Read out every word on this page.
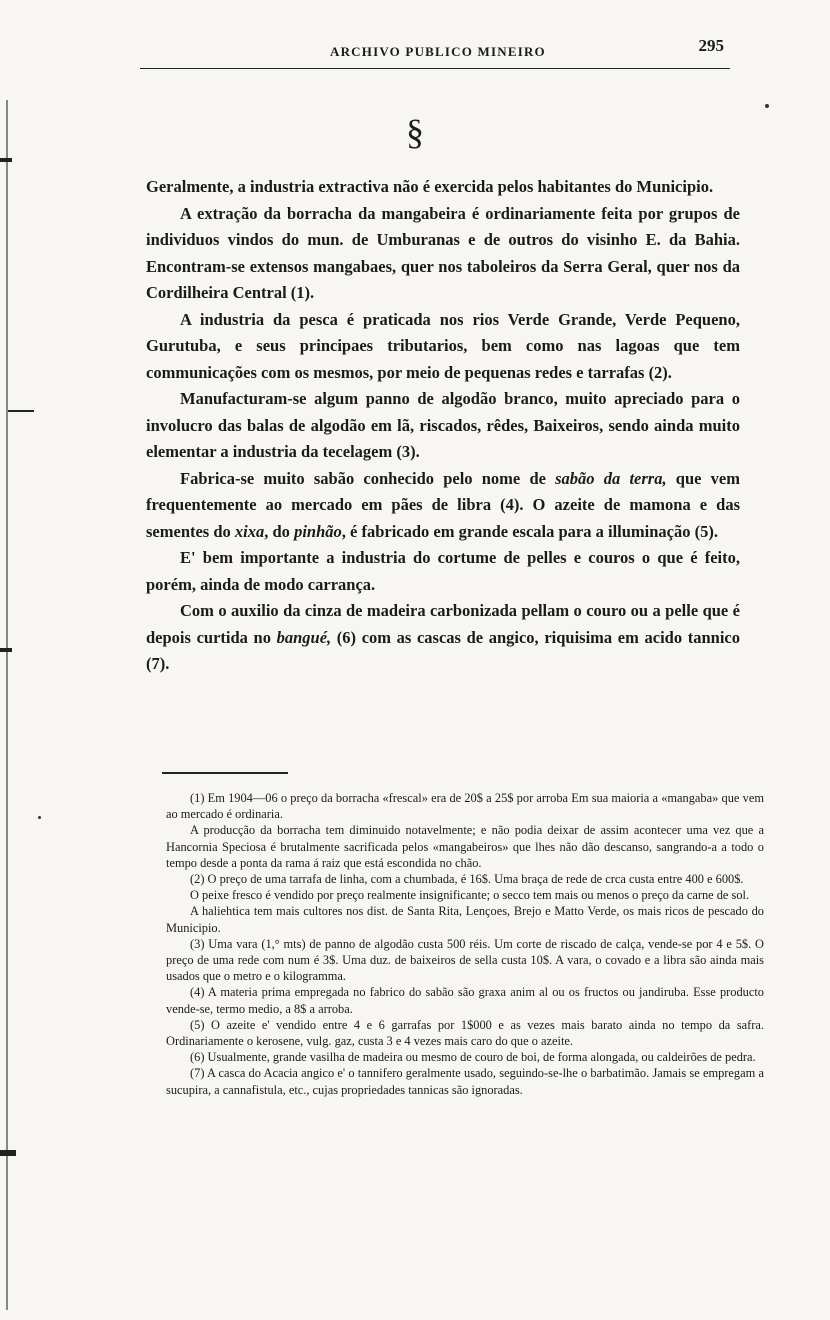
ARCHIVO PUBLICO MINEIRO	295
§

Geralmente, a industria extractiva não é exercida pelos habitantes do Municipio.

A extração da borracha da mangabeira é ordinariamente feita por grupos de individuos vindos do mun. de Umburanas e de outros do visinho E. da Bahia. Encontram-se extensos mangabaes, quer nos taboleiros da Serra Geral, quer nos da Cordilheira Central (1).

A industria da pesca é praticada nos rios Verde Grande, Verde Pequeno, Gurutuba, e seus principaes tributarios, bem como nas lagoas que tem communicações com os mesmos, por meio de pequenas redes e tarrafas (2).

Manufacturam-se algum panno de algodão branco, muito apreciado para o involucro das balas de algodão em lã, riscados, rêdes, Baixeiros, sendo ainda muito elementar a industria da tecelagem (3).

Fabrica-se muito sabão conhecido pelo nome de sabão da terra, que vem frequentemente ao mercado em pães de libra (4). O azeite de mamona e das sementes do xixa, do pinhão, é fabricado em grande escala para a illuminação (5).

E' bem importante a industria do cortume de pelles e couros o que é feito, porém, ainda de modo carrança.

Com o auxilio da cinza de madeira carbonizada pellam o couro ou a pelle que é depois curtida no bangué, (6) com as cascas de angico, riquisima em acido tannico (7).

(1) Em 1904—06 o preço da borracha «frescal» era de 20$ a 25$ por arroba Em sua maioria a «mangaba» que vem ao mercado é ordinaria.

A producção da borracha tem diminuido notavelmente; e não podia deixar de assim acontecer uma vez que a Hancornia Speciosa é brutalmente sacrificada pelos «mangabeiros» que lhes não dão descanso, sangrando-a a todo o tempo desde a ponta da rama á raiz que está escondida no chão.

(2) O preço de uma tarrafa de linha, com a chumbada, é 16$. Uma braça de rede de crca custa entre 400 e 600$.

O peixe fresco é vendido por preço realmente insignificante; o secco tem mais ou menos o preço da carne de sol.

A haliehtica tem mais cultores nos dist. de Santa Rita, Lençoes, Brejo e Matto Verde, os mais ricos de pescado do Municipio.

(3) Uma vara (1,° mts) de panno de algodão custa 500 réis. Um corte de riscado de calça, vende-se por 4 e 5$. O preço de uma rede com num é 3$. Uma duz. de baixeiros de sella custa 10$. A vara, o covado e a libra são ainda mais usados que o metro e o kilogramma.

(4) A materia prima empregada no fabrico do sabão são graxa anim al ou os fructos ou jandiruba. Esse producto vende-se, termo medio, a 8$ a arroba.

(5) O azeite e' vendido entre 4 e 6 garrafas por 1$000 e as vezes mais barato ainda no tempo da safra. Ordinariamente o kerosene, vulg. gaz, custa 3 e 4 vezes mais caro do que o azeite.

(6) Usualmente, grande vasilha de madeira ou mesmo de couro de boi, de forma alongada, ou caldeirões de pedra.

(7) A casca do Acacia angico e' o tannifero geralmente usado, seguindo-se-lhe o barbatimão. Jamais se empregam a sucupira, a cannafistula, etc., cujas propriedades tannicas são ignoradas.
